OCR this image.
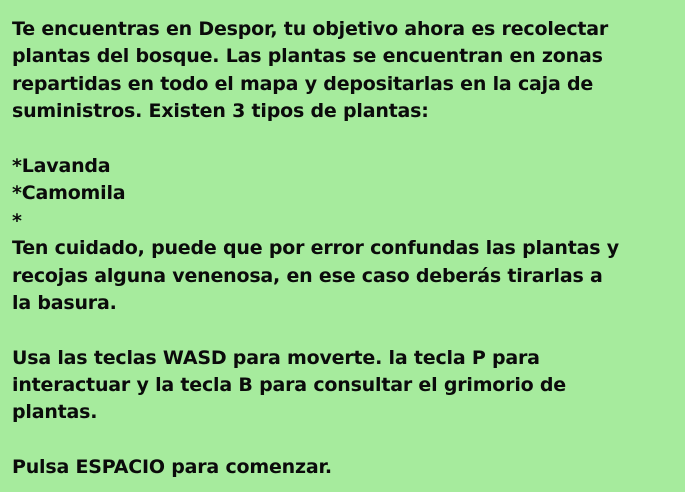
Te encuentras en Despor, tu objetivo ahora es recolectar
plantas del bosque. Las plantas se encuentran en zonas
repartidas en todo el mapa y depositarlas en la caja de
suministros. Existen 3 tipos de plantas:
*Lavanda
*Camomila
*
Ten cuidado, puede que por error confundas las plantas y
recojas alguna venenosa, en ese caso deberás tirarlas a
la basura.
Usa las teclas WASD para moverte. la tecla P para
interactuar y la tecla B para consultar el grimorio de
plantas.
Pulsa ESPACIO para comenzar.
